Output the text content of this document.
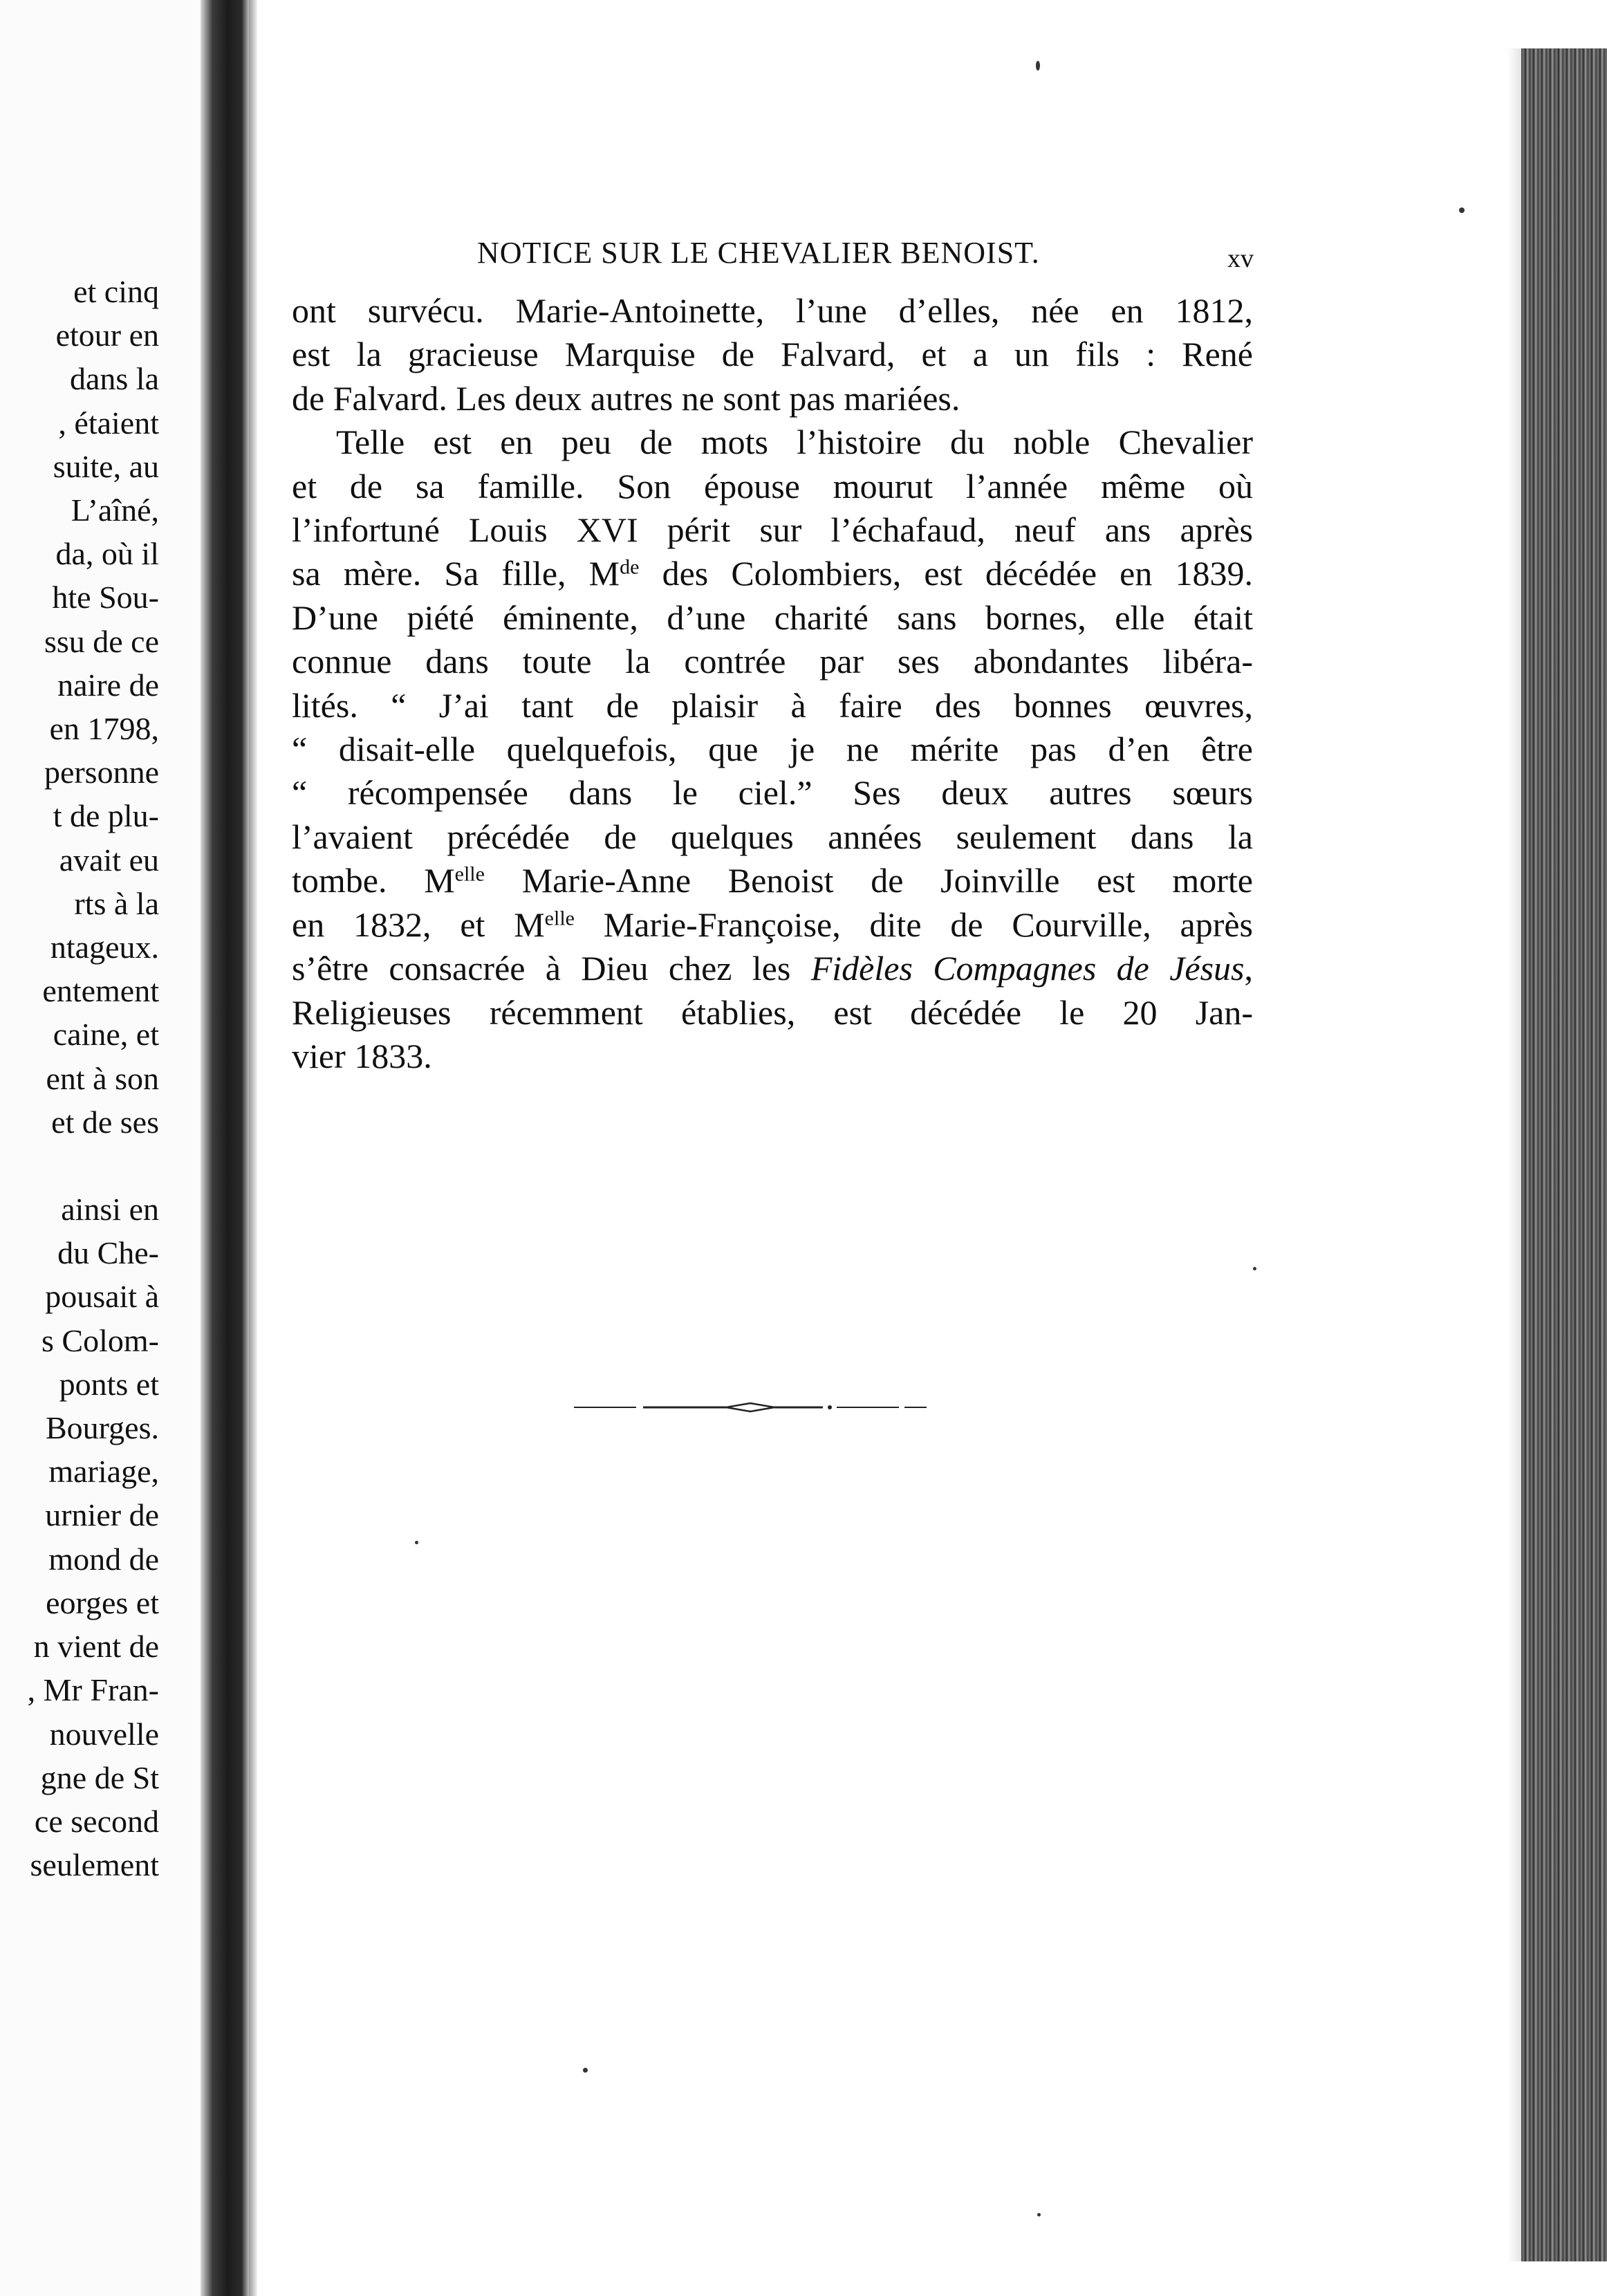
et cinq
etour en
dans la
, étaient
suite, au
L’aîné,
da, où il
hte Sou-
ssu de ce
naire de
en 1798,
personne
t de plu-
avait eu
rts à la
ntageux.
entement
caine, et
ent à son
et de ses
ainsi en
du Che-
pousait à
s Colom-
ponts et
Bourges.
mariage,
urnier de
mond de
eorges et
n vient de
, Mr Fran-
nouvelle
gne de St
ce second
seulement
NOTICE SUR LE CHEVALIER BENOIST.	xv

ont survécu. Marie-Antoinette, l’une d’elles, née en 1812,
est la gracieuse Marquise de Falvard, et a un fils : René
de Falvard. Les deux autres ne sont pas mariées.

Telle est en peu de mots l’histoire du noble Chevalier
et de sa famille. Son épouse mourut l’année même où
l’infortuné Louis XVI périt sur l’échafaud, neuf ans après
sa mère. Sa fille, Mde des Colombiers, est décédée en 1839.
D’une piété éminente, d’une charité sans bornes, elle était
connue dans toute la contrée par ses abondantes libéra-
lités. “ J’ai tant de plaisir à faire des bonnes œuvres,
“ disait-elle quelquefois, que je ne mérite pas d’en être
“ récompensée dans le ciel.” Ses deux autres sœurs
l’avaient précédée de quelques années seulement dans la
tombe. $M^{elle}$ Marie-Anne Benoist de Joinville est morte
en 1832, et $M^{elle}$ Marie-Françoise, dite de Courville, après
s’être consacrée à Dieu chez les Fidèles Compagnes de Jésus,
Religieuses récemment établies, est décédée le 20 Jan-
vier 1833.
